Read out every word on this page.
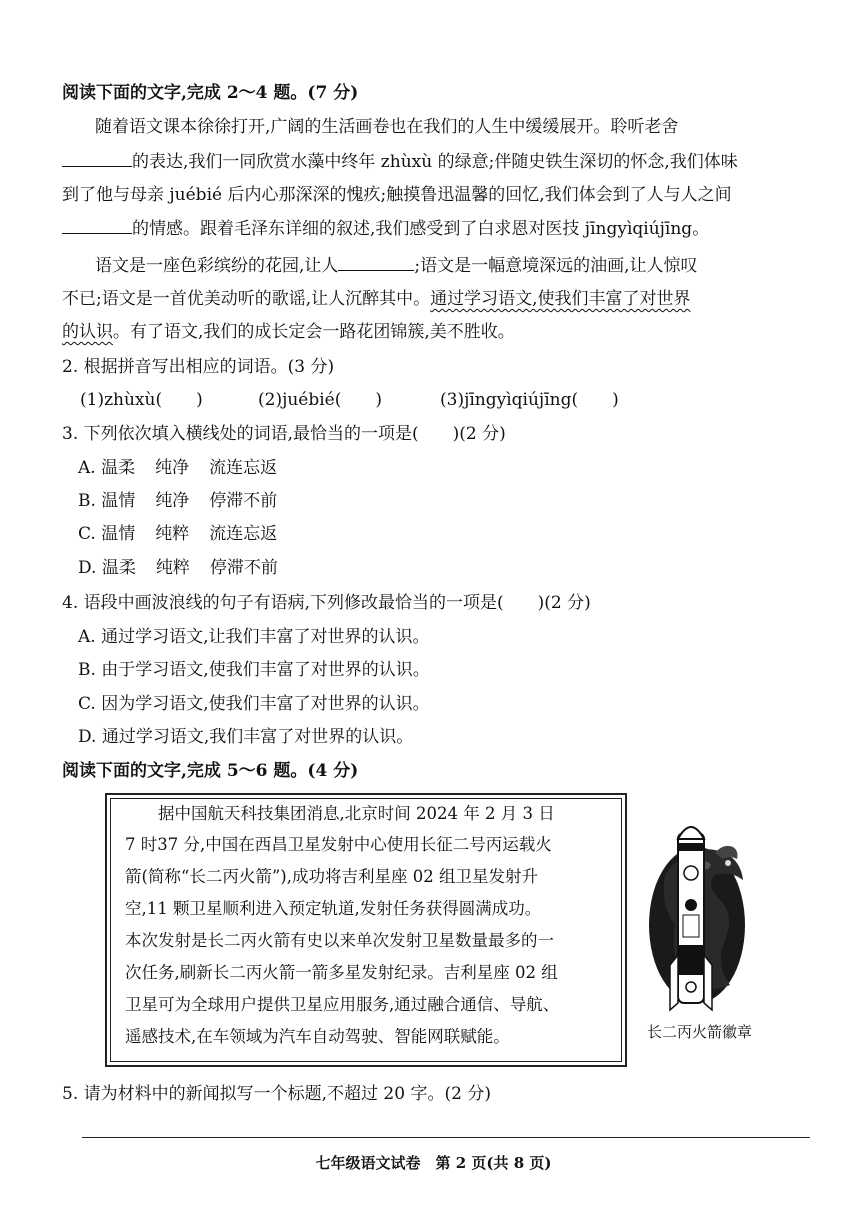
阅读下面的文字,完成 2～4 题。(7 分)
随着语文课本徐徐打开,广阔的生活画卷也在我们的人生中缓缓展开。聆听老舍
的表达,我们一同欣赏水藻中终年 zhùxù 的绿意;伴随史铁生深切的怀念,我们体味
到了他与母亲 juébié 后内心那深深的愧疚;触摸鲁迅温馨的回忆,我们体会到了人与人之间
的情感。跟着毛泽东详细的叙述,我们感受到了白求恩对医技 jīngyìqiújīng。
语文是一座色彩缤纷的花园,让人	;语文是一幅意境深远的油画,让人惊叹
不已;语文是一首优美动听的歌谣,让人沉醉其中。通过学习语文,使我们丰富了对世界
的认识。有了语文,我们的成长定会一路花团锦簇,美不胜收。
2. 根据拼音写出相应的词语。(3 分)
(1)zhùxù(　　)	(2)juébié(　　)	(3)jīngyìqiújīng(　　)
3. 下列依次填入横线处的词语,最恰当的一项是(　　)(2 分)
A. 温柔 纯净 流连忘返
B. 温情 纯净 停滞不前
C. 温情 纯粹 流连忘返
D. 温柔 纯粹 停滞不前
4. 语段中画波浪线的句子有语病,下列修改最恰当的一项是(　　)(2 分)
A. 通过学习语文,让我们丰富了对世界的认识。
B. 由于学习语文,使我们丰富了对世界的认识。
C. 因为学习语文,使我们丰富了对世界的认识。
D. 通过学习语文,我们丰富了对世界的认识。
阅读下面的文字,完成 5～6 题。(4 分)
　　据中国航天科技集团消息,北京时间 2024 年 2 月 3 日
7 时37 分,中国在西昌卫星发射中心使用长征二号丙运载火
箭(简称“长二丙火箭”),成功将吉利星座 02 组卫星发射升
空,11 颗卫星顺利进入预定轨道,发射任务获得圆满成功。
本次发射是长二丙火箭有史以来单次发射卫星数量最多的一
次任务,刷新长二丙火箭一箭多星发射纪录。吉利星座 02 组
卫星可为全球用户提供卫星应用服务,通过融合通信、导航、
遥感技术,在车领域为汽车自动驾驶、智能网联赋能。	长二丙火箭徽章
5. 请为材料中的新闻拟写一个标题,不超过 20 字。(2 分)
七年级语文试卷　第 2 页(共 8 页)
